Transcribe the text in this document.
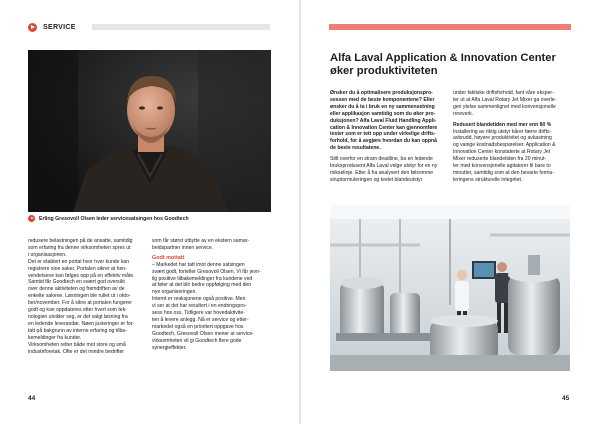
SERVICE
Erling Gresovoll Olsen leder servicesatsingen hos Goodtech
redusere belastningen på de ansatte, samtidig
som erfaring fra denne virksomheten spres ut
i organisasjonen.
Det er etablert en portal hvor hver kunde kan
registrere sine saker. Portalen sikrer at hen-
vendelsene kan følges opp på en effektiv måte.
Samtid får Goodtech en svært god oversikt
over denne aktiviteten og fremdriften av de
enkelte sakene. Løsningen ble rullet ut i okto-
ber/november. For å sikre at portalen fungerer
godt og kan oppdateres etter hvert som tek-
nologien utvikler seg, er det valgt løsning fra
en ledende leverandør. Nøen justeringer er for-
tatt på bakgrunn av interne erfaring og tilba-
kemeldinger fra kunder.
Virksomheten retter både mot store og små
industriforetak. Ofte er det mindre bedrifter
som får størst utbytte av en ekstern samar-
beidspartner innen service.
Godt mottatt
– Markedet har tatt imot denne satsingen
svært godt, forteller Gresovoll Olsen. Vi får jevn-
lig positive tilbakemeldinger fra kundene ved
at føler at det blir bedre oppfølging med den
nye organiseringen.
Internt er reaksjonene også positive. Men
vi ser at det har resultert i en endringspro-
sess hos oss. Tidligere var hovedaktivite-
ten å levere anlegg. Nå er service og etter-
markedet også en prioritert oppgave hos
Goodtech, Gresovoll Olsen mener at service-
virksomheten vil gi Goodtech flere gode
synergieffekter.
44
Alfa Laval Application & Innovation Center
øker produktiviteten
Ønsker du å optimalisere produksjonspro-
sessen med de beste komponentene? Eller
ønsker du å ta i bruk en ny sammensetning
eller applikasjon samtidig som du øker pro-
duksjonen? Alfa Laval Fluid Handling Appli-
cation & Innovation Center kan gjennomføre
tester som er tett opp under virkelige drifts-
forhold, for å avgjøre hvordan du kan oppnå
de beste resultatene.
Stilt overfor en stram deadline, ba en ledende
bruksprodusent Alfa Laval velge utstyr for en ny
mikselinje. Etter å ha analysert den følsomme
siruptormuleringen og testet blandeutstyr
under faktiske driftsforhold, fant våre eksper-
ter ut at Alfa Laval Rotary Jet Mixer ga overle-
gen ytelse sammenlignet med konvensjonelle
rereverk.
Redusert blandetiden med mer enn 80 %
Installering av riktig utstyr kårer færre drifts-
avbrudd, høyere produktivitet og avkastning
og vanige kostnadsbesparelser. Application &
Innovation Center konstaterte at Rotary Jet
Mixer reduserte blandetiden fra 20 minut-
ter med konvensjonelle agitatorer til bare to
minutter, samtidig som at den bevarte formu-
leringens strukturelle integritet.
45
